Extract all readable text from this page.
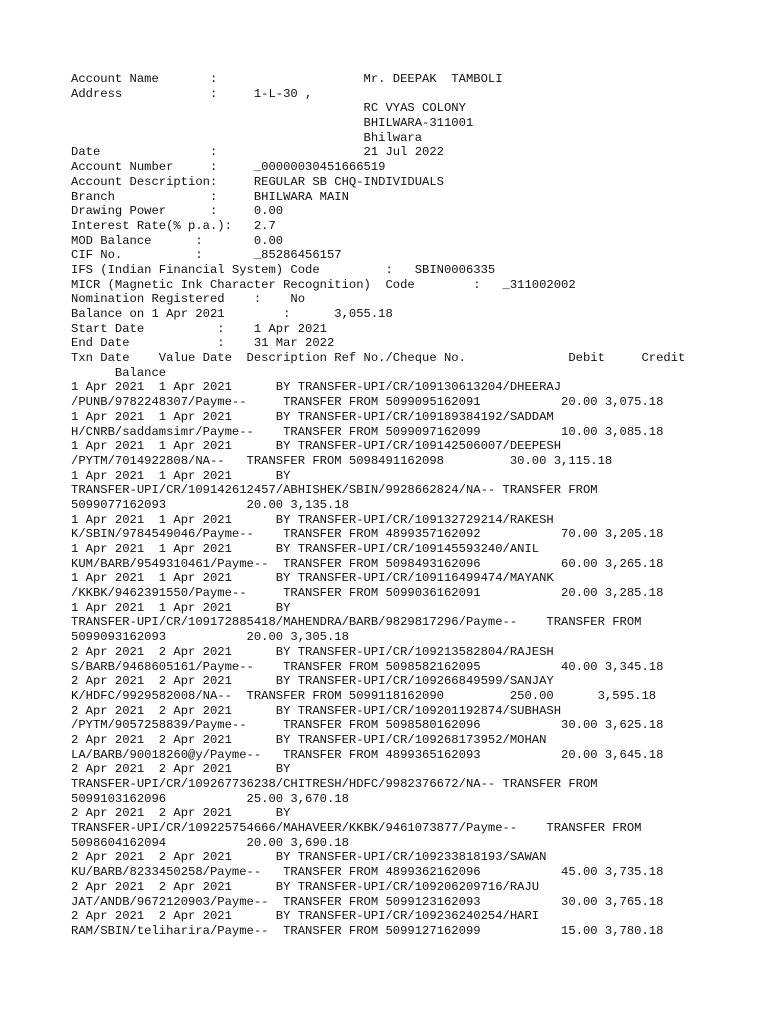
Account Name       :                    Mr. DEEPAK  TAMBOLI
Address            :     1-L-30 ,
RC VYAS COLONY
BHILWARA-311001
Bhilwara
Date               :                    21 Jul 2022
Account Number     :     _00000030451666519
Account Description:     REGULAR SB CHQ-INDIVIDUALS
Branch             :     BHILWARA MAIN
Drawing Power      :     0.00
Interest Rate(% p.a.):   2.7
MOD Balance      :       0.00
CIF No.          :       _85286456157
IFS (Indian Financial System) Code         :   SBIN0006335
MICR (Magnetic Ink Character Recognition)  Code        :   _311002002
Nomination Registered    :    No
Balance on 1 Apr 2021        :      3,055.18
Start Date          :    1 Apr 2021
End Date            :    31 Mar 2022
Txn Date    Value Date  Description Ref No./Cheque No.              Debit     Credit
Balance
1 Apr 2021  1 Apr 2021      BY TRANSFER-UPI/CR/109130613204/DHEERAJ
/PUNB/9782248307/Payme--     TRANSFER FROM 5099095162091           20.00 3,075.18
1 Apr 2021  1 Apr 2021      BY TRANSFER-UPI/CR/109189384192/SADDAM
H/CNRB/saddamsimr/Payme--    TRANSFER FROM 5099097162099           10.00 3,085.18
1 Apr 2021  1 Apr 2021      BY TRANSFER-UPI/CR/109142506007/DEEPESH
/PYTM/7014922808/NA--   TRANSFER FROM 5098491162098         30.00 3,115.18
1 Apr 2021  1 Apr 2021      BY
TRANSFER-UPI/CR/109142612457/ABHISHEK/SBIN/9928662824/NA-- TRANSFER FROM
5099077162093           20.00 3,135.18
1 Apr 2021  1 Apr 2021      BY TRANSFER-UPI/CR/109132729214/RAKESH
K/SBIN/9784549046/Payme--    TRANSFER FROM 4899357162092           70.00 3,205.18
1 Apr 2021  1 Apr 2021      BY TRANSFER-UPI/CR/109145593240/ANIL
KUM/BARB/9549310461/Payme--  TRANSFER FROM 5098493162096           60.00 3,265.18
1 Apr 2021  1 Apr 2021      BY TRANSFER-UPI/CR/109116499474/MAYANK
/KKBK/9462391550/Payme--     TRANSFER FROM 5099036162091           20.00 3,285.18
1 Apr 2021  1 Apr 2021      BY
TRANSFER-UPI/CR/109172885418/MAHENDRA/BARB/9829817296/Payme--    TRANSFER FROM
5099093162093           20.00 3,305.18
2 Apr 2021  2 Apr 2021      BY TRANSFER-UPI/CR/109213582804/RAJESH
S/BARB/9468605161/Payme--    TRANSFER FROM 5098582162095           40.00 3,345.18
2 Apr 2021  2 Apr 2021      BY TRANSFER-UPI/CR/109266849599/SANJAY
K/HDFC/9929582008/NA--  TRANSFER FROM 5099118162090         250.00      3,595.18
2 Apr 2021  2 Apr 2021      BY TRANSFER-UPI/CR/109201192874/SUBHASH
/PYTM/9057258839/Payme--     TRANSFER FROM 5098580162096           30.00 3,625.18
2 Apr 2021  2 Apr 2021      BY TRANSFER-UPI/CR/109268173952/MOHAN
LA/BARB/90018260@y/Payme--   TRANSFER FROM 4899365162093           20.00 3,645.18
2 Apr 2021  2 Apr 2021      BY
TRANSFER-UPI/CR/109267736238/CHITRESH/HDFC/9982376672/NA-- TRANSFER FROM
5099103162096           25.00 3,670.18
2 Apr 2021  2 Apr 2021      BY
TRANSFER-UPI/CR/109225754666/MAHAVEER/KKBK/9461073877/Payme--    TRANSFER FROM
5098604162094           20.00 3,690.18
2 Apr 2021  2 Apr 2021      BY TRANSFER-UPI/CR/109233818193/SAWAN
KU/BARB/8233450258/Payme--   TRANSFER FROM 4899362162096           45.00 3,735.18
2 Apr 2021  2 Apr 2021      BY TRANSFER-UPI/CR/109206209716/RAJU
JAT/ANDB/9672120903/Payme--  TRANSFER FROM 5099123162093           30.00 3,765.18
2 Apr 2021  2 Apr 2021      BY TRANSFER-UPI/CR/109236240254/HARI
RAM/SBIN/teliharira/Payme--  TRANSFER FROM 5099127162099           15.00 3,780.18
